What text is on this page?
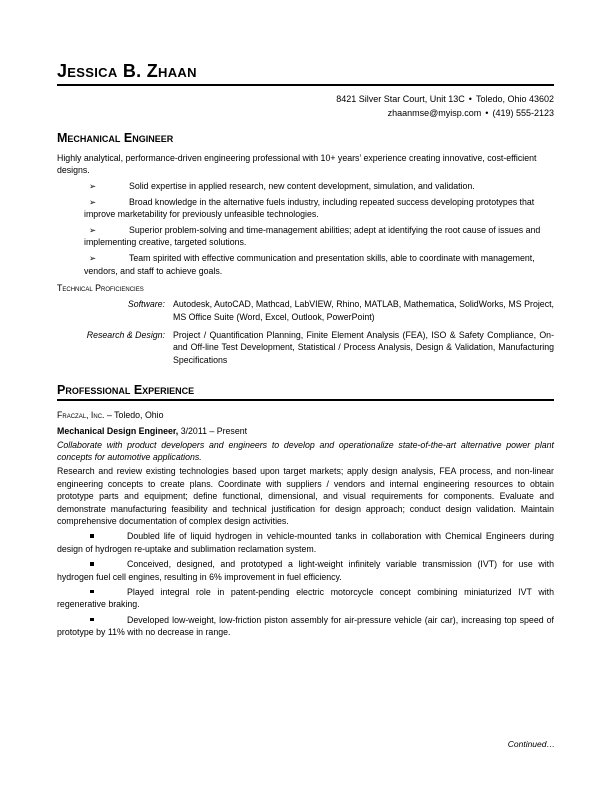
Jessica B. Zhaan
8421 Silver Star Court, Unit 13C • Toledo, Ohio 43602
zhaanmse@myisp.com • (419) 555-2123
Mechanical Engineer

Highly analytical, performance-driven engineering professional with 10+ years’ experience creating innovative, cost-efficient designs.

➢	Solid expertise in applied research, new content development, simulation, and validation.
➢	Broad knowledge in the alternative fuels industry, including repeated success developing prototypes that improve marketability for previously unfeasible technologies.
➢	Superior problem-solving and time-management abilities; adept at identifying the root cause of issues and implementing creative, targeted solutions.
➢	Team spirited with effective communication and presentation skills, able to coordinate with management, vendors, and staff to achieve goals.
Technical Proficiencies
Software:	Autodesk, AutoCAD, Mathcad, LabVIEW, Rhino, MATLAB, Mathematica, SolidWorks, MS Project, MS Office Suite (Word, Excel, Outlook, PowerPoint)
Research & Design:	Project / Quantification Planning, Finite Element Analysis (FEA), ISO & Safety Compliance, On- and Off-line Test Development, Statistical / Process Analysis, Design & Validation, Manufacturing Specifications
Professional Experience
Fraczal, Inc. – Toledo, Ohio
Mechanical Design Engineer, 3/2011 – Present

Collaborate with product developers and engineers to develop and operationalize state-of-the-art alternative power plant concepts for automotive applications.

Research and review existing technologies based upon target markets; apply design analysis, FEA process, and non-linear engineering concepts to create plans. Coordinate with suppliers / vendors and internal engineering resources to obtain prototype parts and equipment; define functional, dimensional, and visual requirements for components. Evaluate and demonstrate manufacturing feasibility and technical justification for design approach; conduct design validation. Maintain comprehensive documentation of complex design activities.

Doubled life of liquid hydrogen in vehicle-mounted tanks in collaboration with Chemical Engineers during design of hydrogen re-uptake and sublimation reclamation system.
Conceived, designed, and prototyped a light-weight infinitely variable transmission (IVT) for use with hydrogen fuel cell engines, resulting in 6% improvement in fuel efficiency.
Played integral role in patent-pending electric motorcycle concept combining miniaturized IVT with regenerative braking.
Developed low-weight, low-friction piston assembly for air-pressure vehicle (air car), increasing top speed of prototype by 11% with no decrease in range.
Continued…
